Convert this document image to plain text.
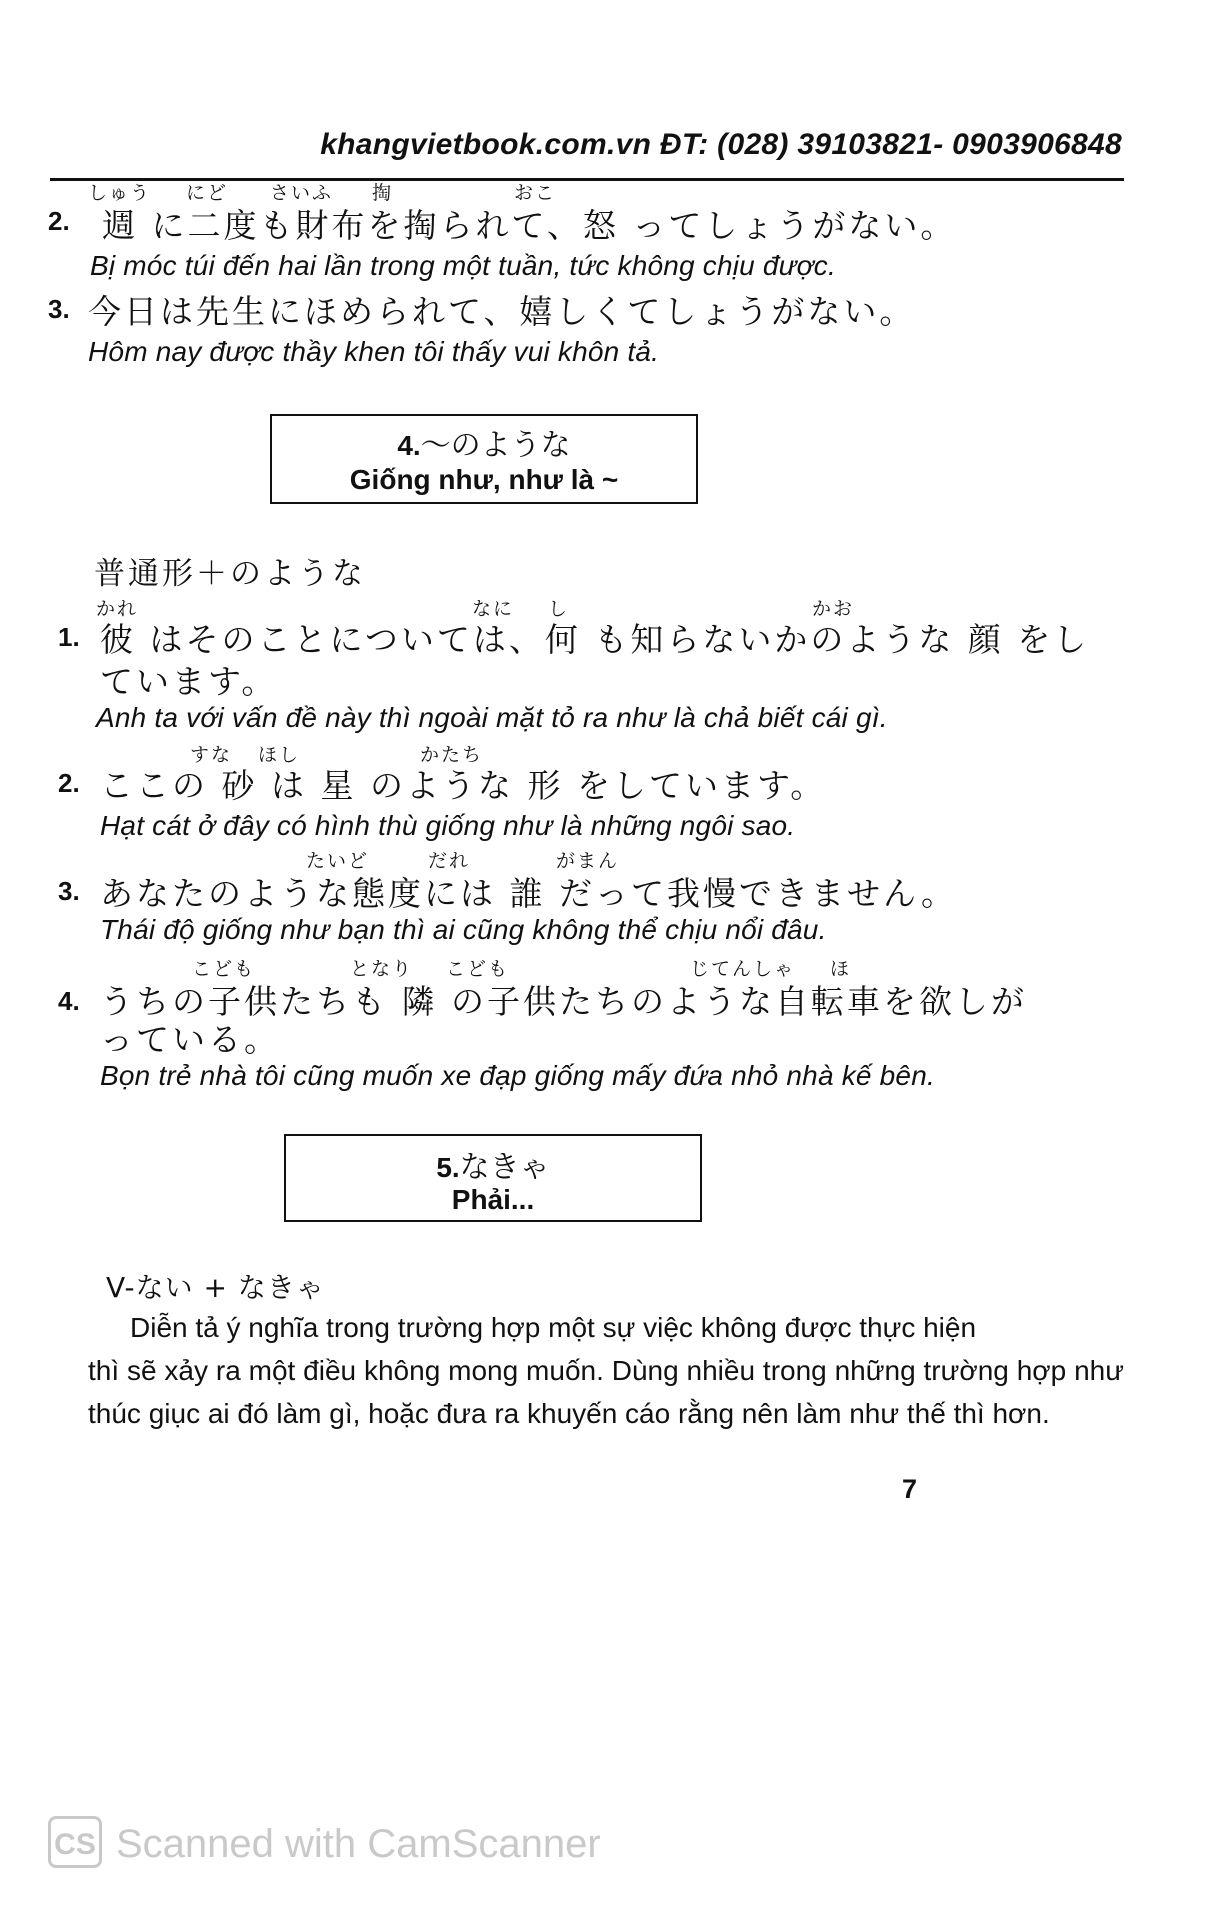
khangvietbook.com.vn ĐT: (028) 39103821- 0903906848
しゅう にど さいふ 掏	おこ
2. 週 に二度も財布を掏られて、怒 ってしょうがない。
Bị móc túi đến hai lần trong một tuần, tức không chịu được.
3. 今日は先生にほめられて、嬉しくてしょうがない。
Hôm nay được thầy khen tôi thấy vui khôn tả.
4.～のような
Giống như, như là ~
普通形＋のような
かれ	なに し	かお
1. 彼 はそのことについては、何 も知らないかのような 顔 をし
ています。
Anh ta với vấn đề này thì ngoài mặt tỏ ra như là chả biết cái gì.
すな ほし	かたち
2. ここの 砂 は 星 のような 形 をしています。
Hạt cát ở đây có hình thù giống như là những ngôi sao.
たいど	だれ	がまん
3. あなたのような態度には 誰 だって我慢できません。
Thái độ giống như bạn thì ai cũng không thể chịu nổi đâu.
こども	となり こども	じてんしゃ ほ
4. うちの子供たちも 隣 の子供たちのような自転車を欲しが
っている。
Bọn trẻ nhà tôi cũng muốn xe đạp giống mấy đứa nhỏ nhà kế bên.
5.なきゃ
Phải...
V-ない + なきゃ
Diễn tả ý nghĩa trong trường hợp một sự việc không được thực hiện
thì sẽ xảy ra một điều không mong muốn. Dùng nhiều trong những trường hợp như thúc giục ai đó làm gì, hoặc đưa ra khuyến cáo rằng nên làm như thế thì hơn.
7
CS Scanned with CamScanner
